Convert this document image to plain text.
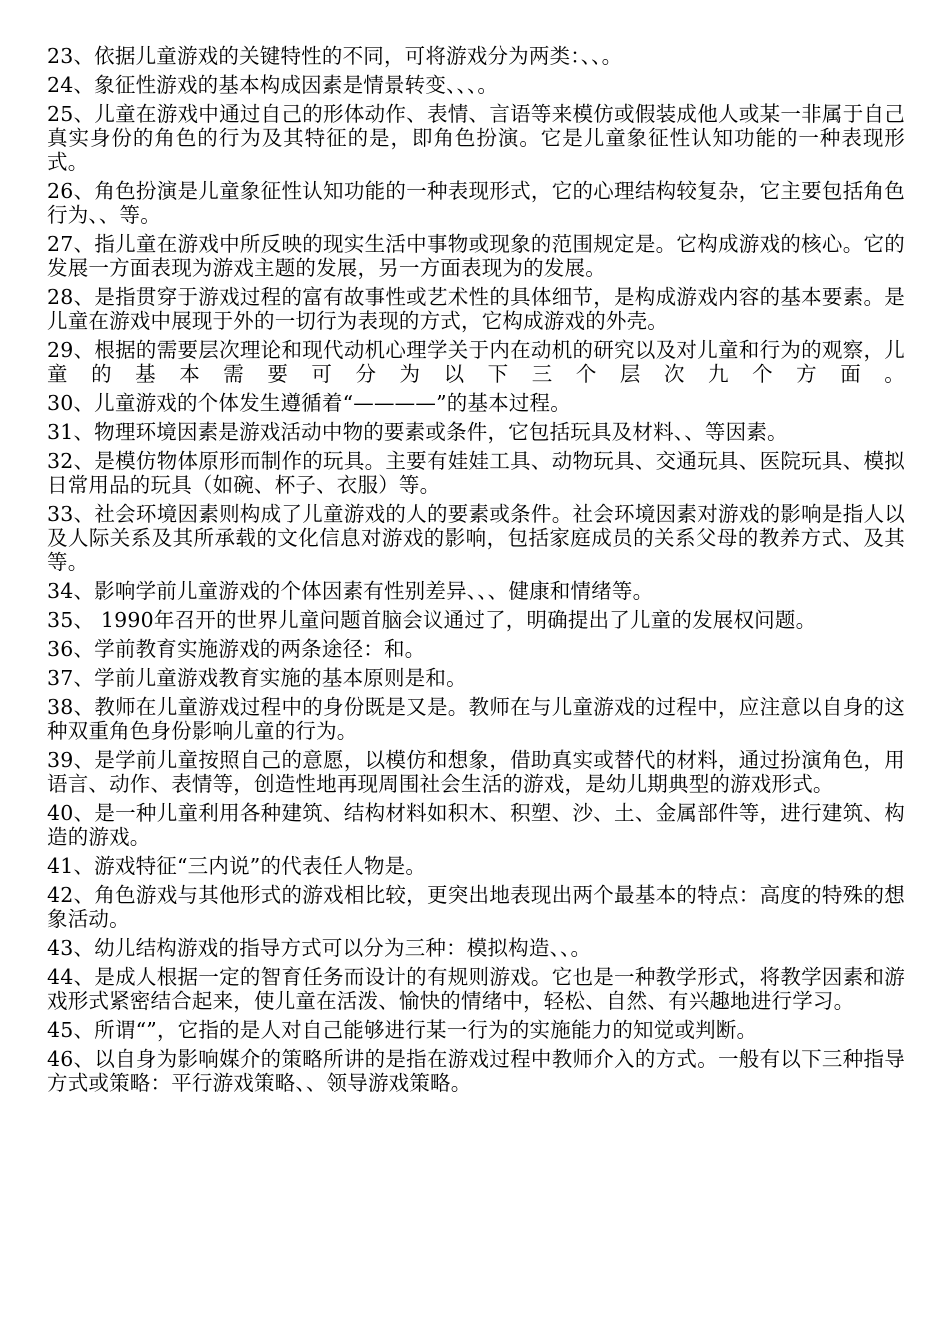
23、依据儿童游戏的关键特性的不同，可将游戏分为两类：、、。

24、象征性游戏的基本构成因素是情景转变、、、。

25、儿童在游戏中通过自己的形体动作、表情、言语等来模仿或假装成他人或某一非属于自己真实身份的角色的行为及其特征的是，即角色扮演。它是儿童象征性认知功能的一种表现形式。

26、角色扮演是儿童象征性认知功能的一种表现形式，它的心理结构较复杂，它主要包括角色行为、、等。

27、指儿童在游戏中所反映的现实生活中事物或现象的范围规定是。它构成游戏的核心。它的发展一方面表现为游戏主题的发展，另一方面表现为的发展。

28、是指贯穿于游戏过程的富有故事性或艺术性的具体细节，是构成游戏内容的基本要素。是儿童在游戏中展现于外的一切行为表现的方式，它构成游戏的外壳。

29、根据的需要层次理论和现代动机心理学关于内在动机的研究以及对儿童和行为的观察，儿童的基本需要可分为以下三个层次九个方面。

30、儿童游戏的个体发生遵循着“————”的基本过程。

31、物理环境因素是游戏活动中物的要素或条件，它包括玩具及材料、、等因素。

32、是模仿物体原形而制作的玩具。主要有娃娃工具、动物玩具、交通玩具、医院玩具、模拟日常用品的玩具（如碗、杯子、衣服）等。

33、社会环境因素则构成了儿童游戏的人的要素或条件。社会环境因素对游戏的影响是指人以及人际关系及其所承载的文化信息对游戏的影响，包括家庭成员的关系父母的教养方式、及其等。

34、影响学前儿童游戏的个体因素有性别差异、、、健康和情绪等。

35、 1990年召开的世界儿童问题首脑会议通过了，明确提出了儿童的发展权问题。

36、学前教育实施游戏的两条途径：和。

37、学前儿童游戏教育实施的基本原则是和。

38、教师在儿童游戏过程中的身份既是又是。教师在与儿童游戏的过程中，应注意以自身的这种双重角色身份影响儿童的行为。

39、是学前儿童按照自己的意愿，以模仿和想象，借助真实或替代的材料，通过扮演角色，用语言、动作、表情等，创造性地再现周围社会生活的游戏，是幼儿期典型的游戏形式。

40、是一种儿童利用各种建筑、结构材料如积木、积塑、沙、土、金属部件等，进行建筑、构造的游戏。

41、游戏特征“三内说”的代表任人物是。

42、角色游戏与其他形式的游戏相比较，更突出地表现出两个最基本的特点：高度的特殊的想象活动。

43、幼儿结构游戏的指导方式可以分为三种：模拟构造、、。

44、是成人根据一定的智育任务而设计的有规则游戏。它也是一种教学形式，将教学因素和游戏形式紧密结合起来，使儿童在活泼、愉快的情绪中，轻松、自然、有兴趣地进行学习。

45、所谓“”，它指的是人对自己能够进行某一行为的实施能力的知觉或判断。

46、以自身为影响媒介的策略所讲的是指在游戏过程中教师介入的方式。一般有以下三种指导方式或策略：平行游戏策略、、领导游戏策略。
